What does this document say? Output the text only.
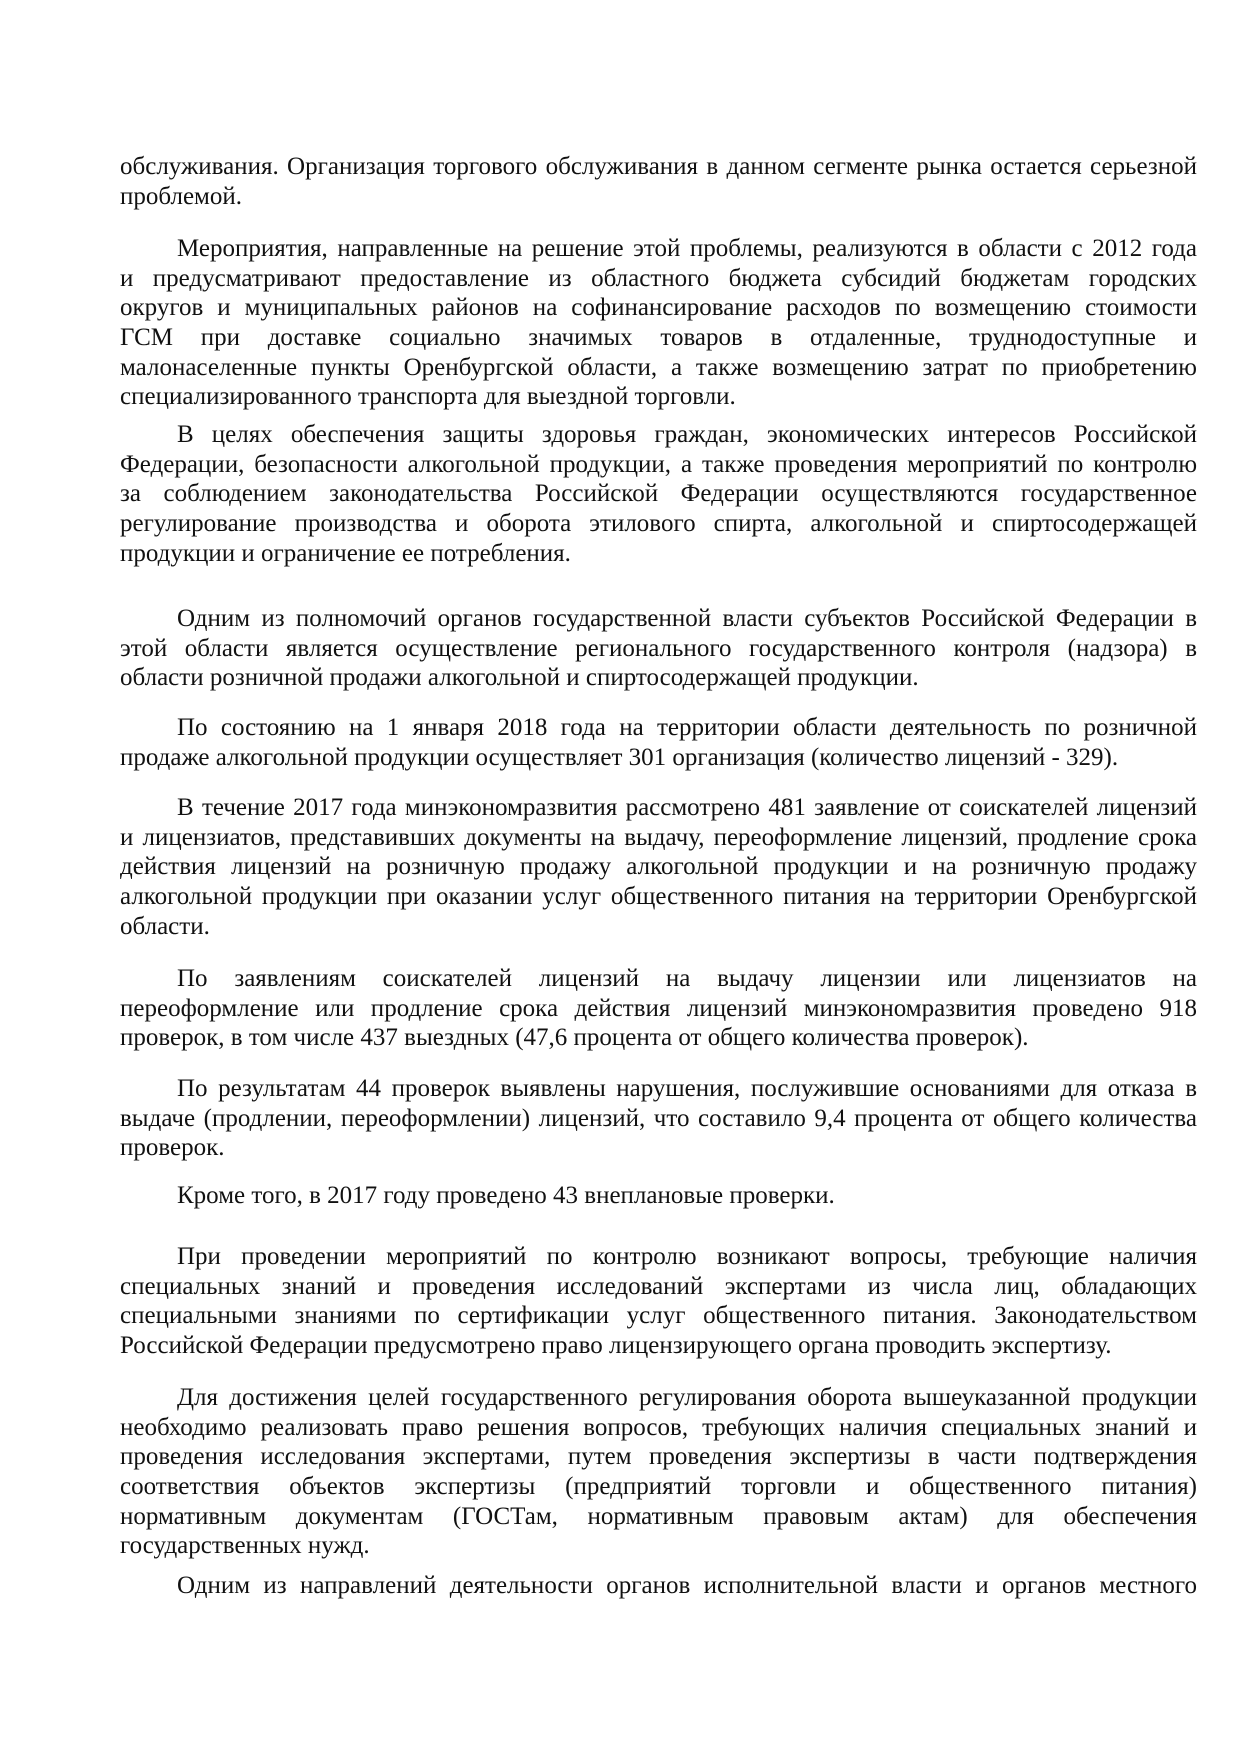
обслуживания. Организация торгового обслуживания в данном сегменте рынка остается серьезной
проблемой.
Мероприятия, направленные на решение этой проблемы, реализуются в области с 2012 года
и предусматривают предоставление из областного бюджета субсидий бюджетам городских
округов и муниципальных районов на софинансирование расходов по возмещению стоимости
ГСМ при доставке социально значимых товаров в отдаленные, труднодоступные и
малонаселенные пункты Оренбургской области, а также возмещению затрат по приобретению
специализированного транспорта для выездной торговли.
В целях обеспечения защиты здоровья граждан, экономических интересов Российской
Федерации, безопасности алкогольной продукции, а также проведения мероприятий по контролю
за соблюдением законодательства Российской Федерации осуществляются государственное
регулирование производства и оборота этилового спирта, алкогольной и спиртосодержащей
продукции и ограничение ее потребления.
Одним из полномочий органов государственной власти субъектов Российской Федерации в
этой области является осуществление регионального государственного контроля (надзора) в
области розничной продажи алкогольной и спиртосодержащей продукции.
По состоянию на 1 января 2018 года на территории области деятельность по розничной
продаже алкогольной продукции осуществляет 301 организация (количество лицензий - 329).
В течение 2017 года минэкономразвития рассмотрено 481 заявление от соискателей лицензий
и лицензиатов, представивших документы на выдачу, переоформление лицензий, продление срока
действия лицензий на розничную продажу алкогольной продукции и на розничную продажу
алкогольной продукции при оказании услуг общественного питания на территории Оренбургской
области.
По заявлениям соискателей лицензий на выдачу лицензии или лицензиатов на
переоформление или продление срока действия лицензий минэкономразвития проведено 918
проверок, в том числе 437 выездных (47,6 процента от общего количества проверок).
По результатам 44 проверок выявлены нарушения, послужившие основаниями для отказа в
выдаче (продлении, переоформлении) лицензий, что составило 9,4 процента от общего количества
проверок.
Кроме того, в 2017 году проведено 43 внеплановые проверки.
При проведении мероприятий по контролю возникают вопросы, требующие наличия
специальных знаний и проведения исследований экспертами из числа лиц, обладающих
специальными знаниями по сертификации услуг общественного питания. Законодательством
Российской Федерации предусмотрено право лицензирующего органа проводить экспертизу.
Для достижения целей государственного регулирования оборота вышеуказанной продукции
необходимо реализовать право решения вопросов, требующих наличия специальных знаний и
проведения исследования экспертами, путем проведения экспертизы в части подтверждения
соответствия объектов экспертизы (предприятий торговли и общественного питания)
нормативным документам (ГОСТам, нормативным правовым актам) для обеспечения
государственных нужд.
Одним из направлений деятельности органов исполнительной власти и органов местного
